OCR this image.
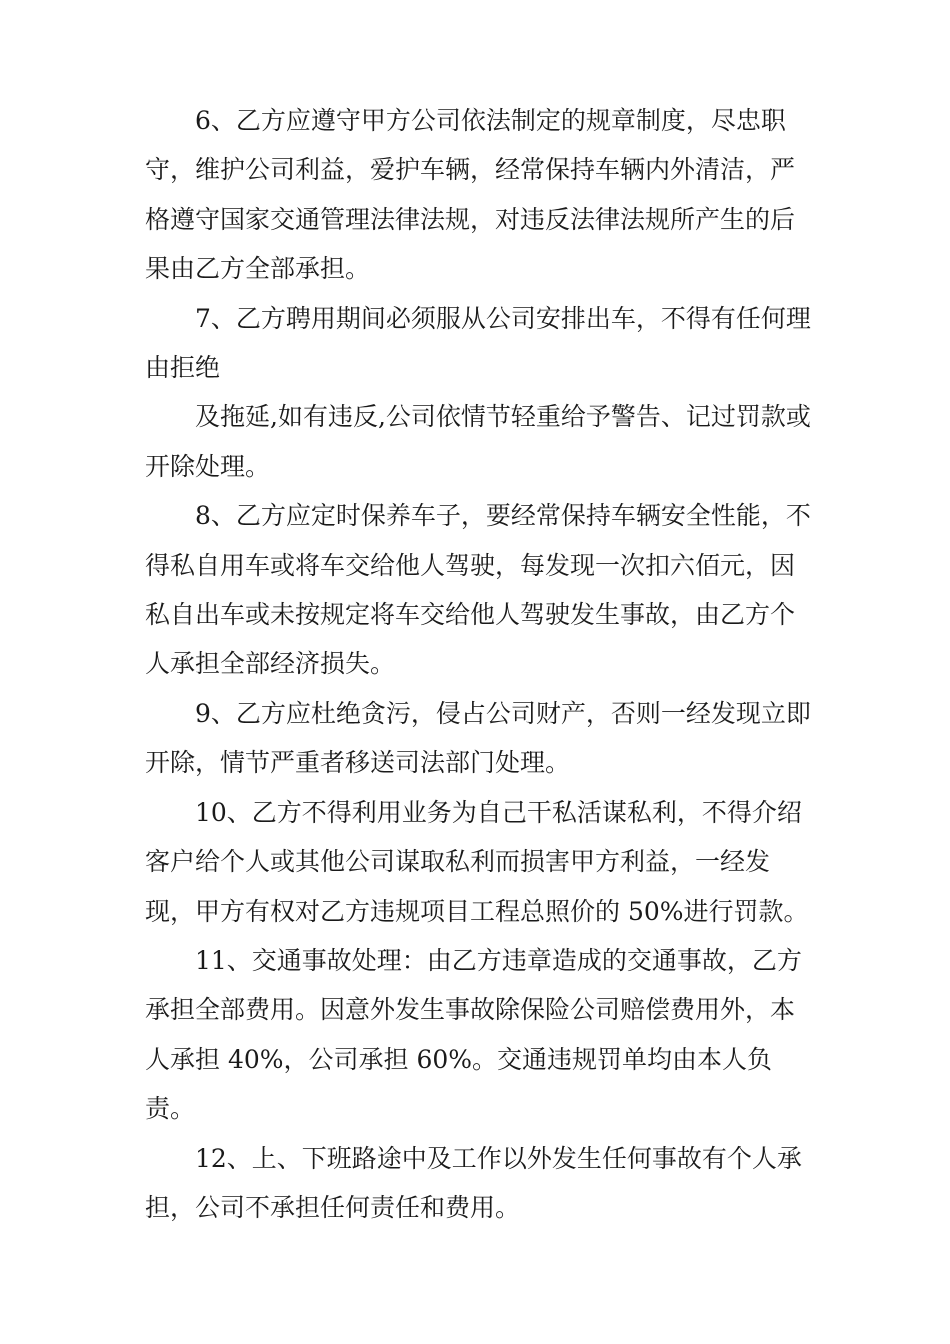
6、乙方应遵守甲方公司依法制定的规章制度，尽忠职守，维护公司利益，爱护车辆，经常保持车辆内外清洁，严格遵守国家交通管理法律法规，对违反法律法规所产生的后果由乙方全部承担。

7、乙方聘用期间必须服从公司安排出车，不得有任何理由拒绝

及拖延,如有违反,公司依情节轻重给予警告、记过罚款或开除处理。

8、乙方应定时保养车子，要经常保持车辆安全性能，不得私自用车或将车交给他人驾驶，每发现一次扣六佰元，因私自出车或未按规定将车交给他人驾驶发生事故，由乙方个人承担全部经济损失。

9、乙方应杜绝贪污，侵占公司财产，否则一经发现立即开除，情节严重者移送司法部门处理。

10、乙方不得利用业务为自己干私活谋私利，不得介绍客户给个人或其他公司谋取私利而损害甲方利益，一经发现，甲方有权对乙方违规项目工程总照价的 50%进行罚款。

11、交通事故处理：由乙方违章造成的交通事故，乙方承担全部费用。因意外发生事故除保险公司赔偿费用外，本人承担 40%，公司承担 60%。交通违规罚单均由本人负责。

12、上、下班路途中及工作以外发生任何事故有个人承担，公司不承担任何责任和费用。
